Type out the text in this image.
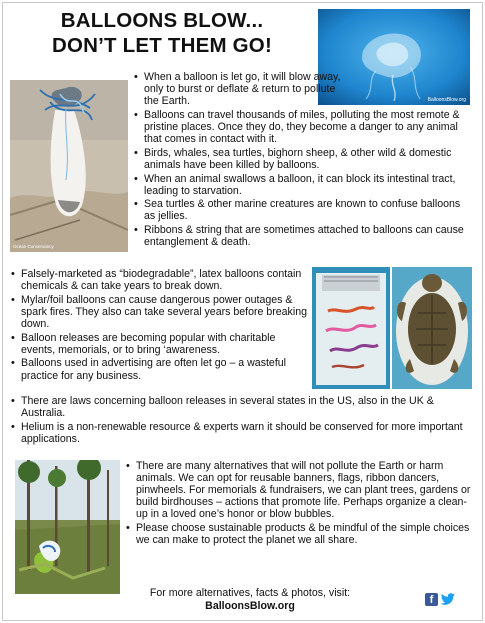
BALLOONS BLOW...
DON’T LET THEM GO!
BalloonsBlow.org
Ocean Conservancy
• When a balloon is let go, it will blow away, only to burst or deflate & return to pollute the Earth.
• Balloons can travel thousands of miles, polluting the most remote & pristine places. Once they do, they become a danger to any animal that comes in contact with it.
• Birds, whales, sea turtles, bighorn sheep, & other wild & domestic animals have been killed by balloons.
• When an animal swallows a balloon, it can block its intestinal tract, leading to starvation.
• Sea turtles & other marine creatures are known to confuse balloons as jellies.
• Ribbons & string that are sometimes attached to balloons can cause entanglement & death.
• Falsely-marketed as “biodegradable”, latex balloons contain chemicals & can take years to break down.
• Mylar/foil balloons can cause dangerous power outages & spark fires. They also can take several years before breaking down.
• Balloon releases are becoming popular with charitable events, memorials, or to bring ‘awareness.
• Balloons used in advertising are often let go – a wasteful practice for any business.
• There are laws concerning balloon releases in several states in the US, also in the UK & Australia.
• Helium is a non-renewable resource & experts warn it should be conserved for more important applications.
• There are many alternatives that will not pollute the Earth or harm animals. We can opt for reusable banners, flags, ribbon dancers, pinwheels. For memorials & fundraisers, we can plant trees, gardens or build birdhouses – actions that promote life. Perhaps organize a clean-up in a loved one’s honor or blow bubbles.
• Please choose sustainable products & be mindful of the simple choices we can make to protect the planet we all share.
For more alternatives, facts & photos, visit:
BalloonsBlow.org	f
